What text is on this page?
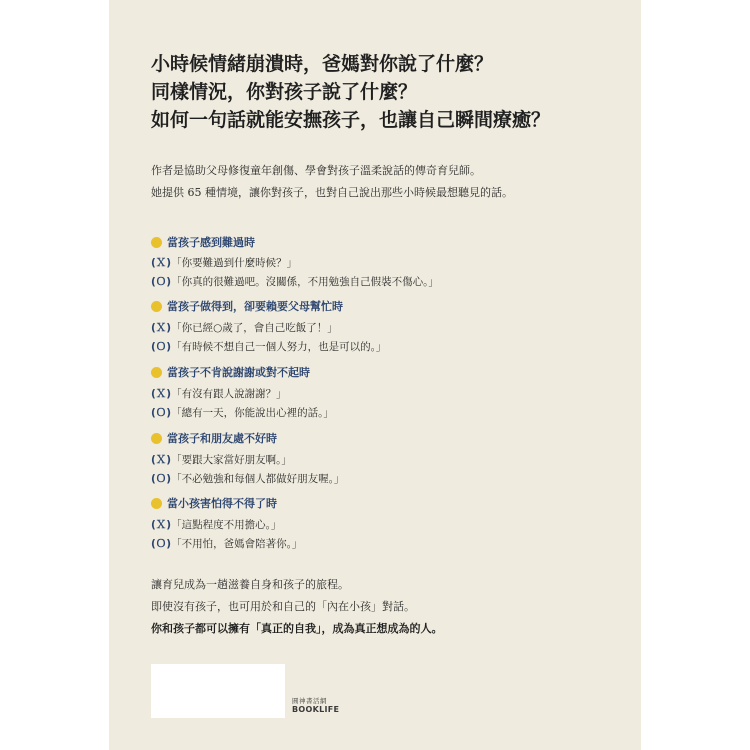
小時候情緒崩潰時，爸媽對你說了什麼？
同樣情況，你對孩子說了什麼？
如何一句話就能安撫孩子，也讓自己瞬間療癒？
作者是協助父母修復童年創傷、學會對孩子溫柔說話的傳奇育兒師。
她提供 65 種情境，讓你對孩子，也對自己說出那些小時候最想聽見的話。
當孩子感到難過時
(Ｘ) 「你要難過到什麼時候？」
(Ｏ) 「你真的很難過吧。沒關係，不用勉強自己假裝不傷心。」
當孩子做得到，卻要賴要父母幫忙時
(Ｘ) 「你已經○歲了，會自己吃飯了！」
(Ｏ) 「有時候不想自己一個人努力，也是可以的。」
當孩子不肯說謝謝或對不起時
(Ｘ) 「有沒有跟人說謝謝？」
(Ｏ) 「總有一天，你能說出心裡的話。」
當孩子和朋友處不好時
(Ｘ) 「要跟大家當好朋友啊。」
(Ｏ) 「不必勉強和每個人都做好朋友喔。」
當小孩害怕得不得了時
(Ｘ) 「這點程度不用擔心。」
(Ｏ) 「不用怕，爸媽會陪著你。」
讓育兒成為一趟滋養自身和孩子的旅程。
即使沒有孩子，也可用於和自己的「內在小孩」對話。
你和孩子都可以擁有「真正的自我」，成為真正想成為的人。
圓神書活網
BOOKLIFE
